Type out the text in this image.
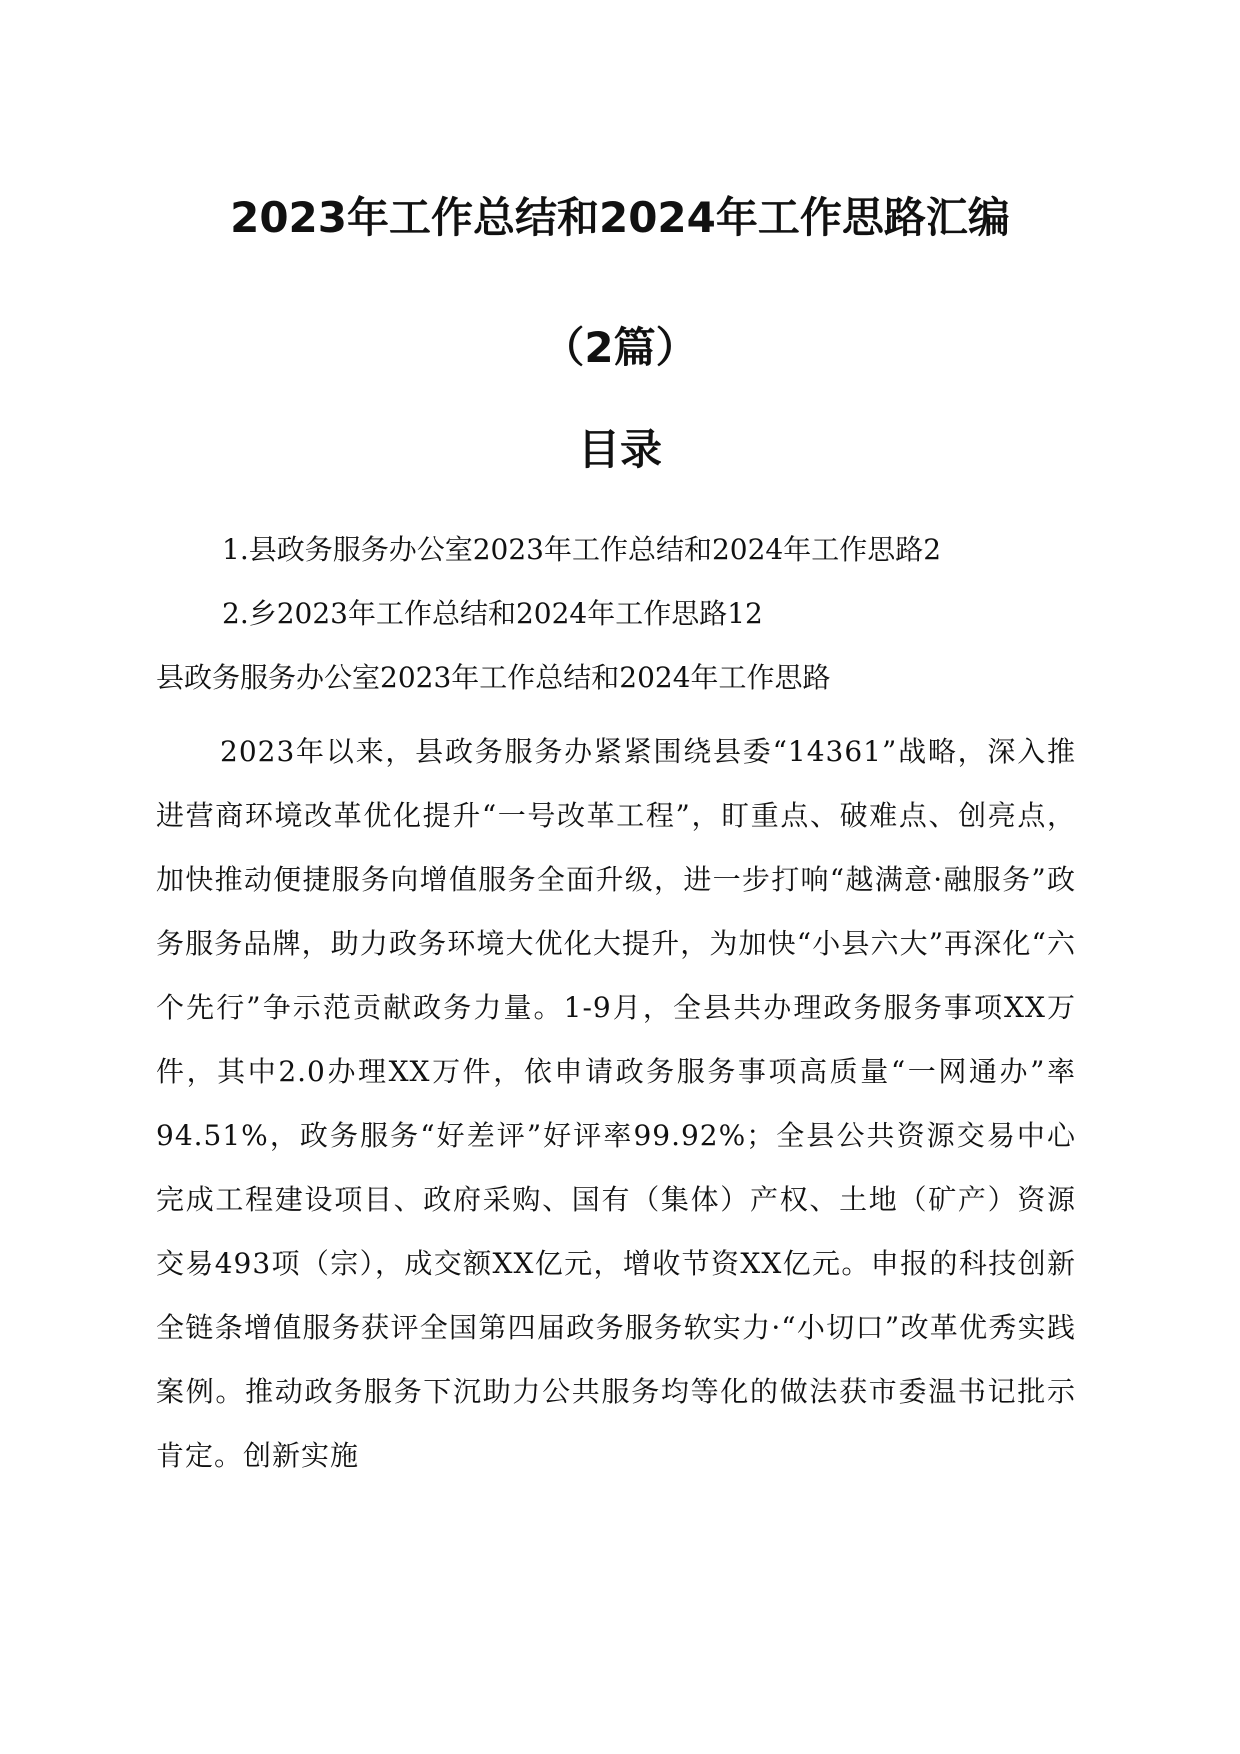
2023年工作总结和2024年工作思路汇编
（2篇）
目录
1.县政务服务办公室2023年工作总结和2024年工作思路2
2.乡2023年工作总结和2024年工作思路12
县政务服务办公室2023年工作总结和2024年工作思路

2023年以来，县政务服务办紧紧围绕县委“14361”战略，深入推进营商环境改革优化提升“一号改革工程”，盯重点、破难点、创亮点，加快推动便捷服务向增值服务全面升级，进一步打响“越满意·融服务”政务服务品牌，助力政务环境大优化大提升，为加快“小县六大”再深化“六个先行”争示范贡献政务力量。1-9月，全县共办理政务服务事项XX万件，其中2.0办理XX万件，依申请政务服务事项高质量“一网通办”率94.51%，政务服务“好差评”好评率99.92%；全县公共资源交易中心完成工程建设项目、政府采购、国有（集体）产权、土地（矿产）资源交易493项（宗），成交额XX亿元，增收节资XX亿元。申报的科技创新全链条增值服务获评全国第四届政务服务软实力·“小切口”改革优秀实践案例。推动政务服务下沉助力公共服务均等化的做法获市委温书记批示肯定。创新实施
